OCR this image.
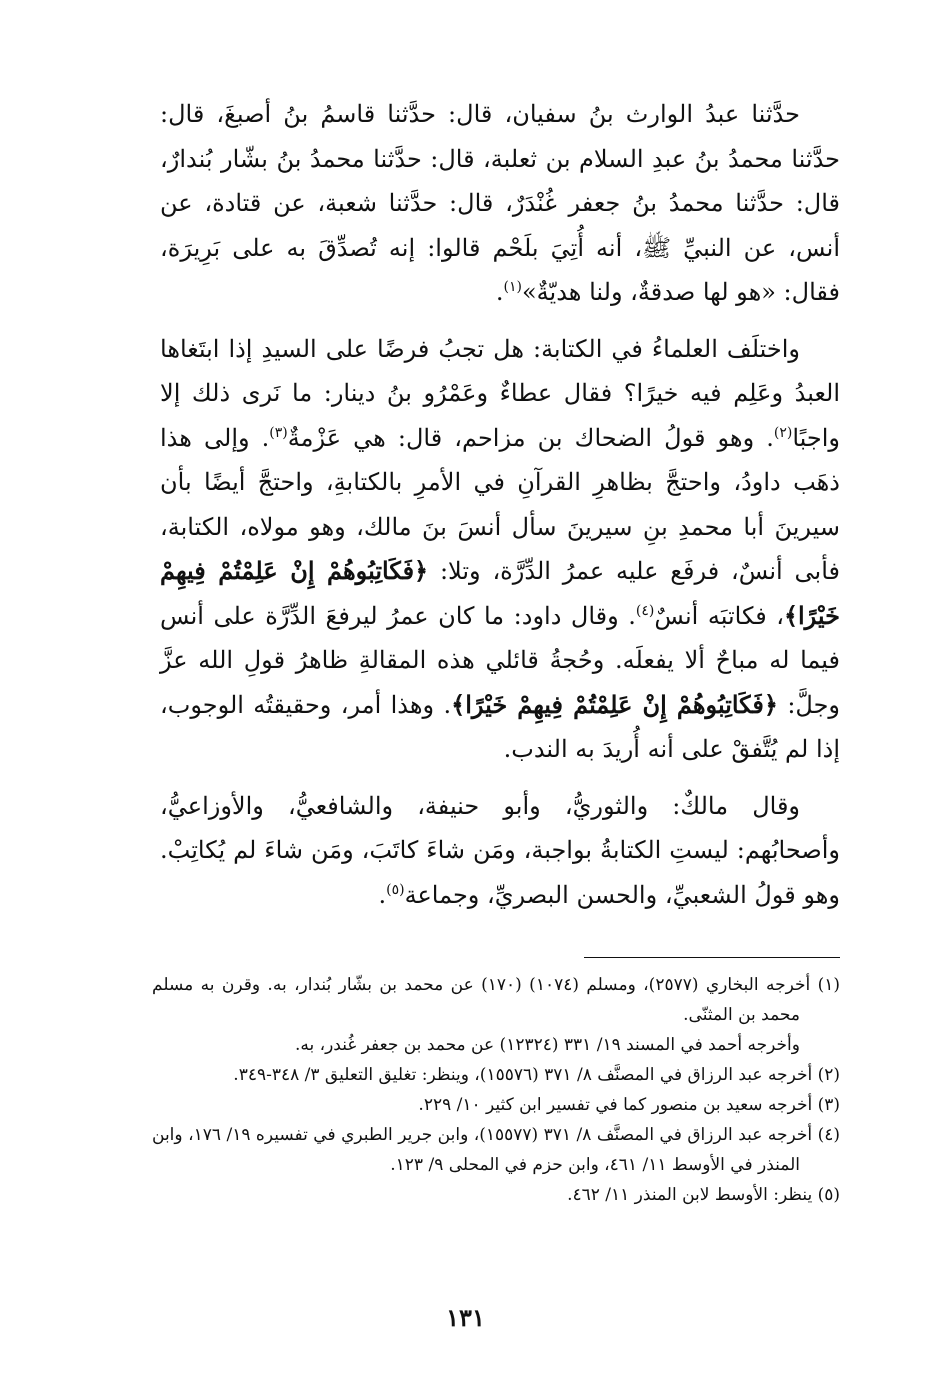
حدَّثنا عبدُ الوارث بنُ سفيان، قال: حدَّثنا قاسمُ بنُ أصبغَ، قال: حدَّثنا محمدُ بنُ عبدِ السلام بن ثعلبة، قال: حدَّثنا محمدُ بنُ بشّار بُندارٌ، قال: حدَّثنا محمدُ بنُ جعفر غُنْدَرٌ، قال: حدَّثنا شعبة، عن قتادة، عن أنس، عن النبيِّ ﷺ، أنه أُتِيَ بلَحْم قالوا: إنه تُصدِّقَ به على بَرِيرَة، فقال: «هو لها صدقةٌ، ولنا هديّةٌ»$^{(١)}$.

واختلَف العلماءُ في الكتابة: هل تجبُ فرضًا على السيدِ إذا ابتَغاها العبدُ وعَلِم فيه خيرًا؟ فقال عطاءٌ وعَمْرُو بنُ دينار: ما نَرى ذلك إلا واجبًا$^{(٢)}$. وهو قولُ الضحاك بن مزاحم، قال: هي عَزْمةٌ$^{(٣)}$. وإلى هذا ذهَب داودُ، واحتجَّ بظاهرِ القرآنِ في الأمرِ بالكتابةِ، واحتجَّ أيضًا بأن سيرينَ أبا محمدِ بنِ سيرينَ سأل أنسَ بنَ مالك، وهو مولاه، الكتابة، فأبى أنسٌ، فرفَع عليه عمرُ الدِّرَّة، وتلا: ﴿فَكَاتِبُوهُمْ إِنْ عَلِمْتُمْ فِيهِمْ خَيْرًا﴾، فكاتبَه أنسٌ$^{(٤)}$. وقال داود: ما كان عمرُ ليرفعَ الدِّرَّة على أنس فيما له مباحٌ ألا يفعلَه. وحُجةُ قائلي هذه المقالةِ ظاهرُ قولِ الله عزَّ وجلَّ: ﴿فَكَاتِبُوهُمْ إِنْ عَلِمْتُمْ فِيهِمْ خَيْرًا﴾. وهذا أمر، وحقيقتُه الوجوب، إذا لم يُتَّفقْ على أنه أُريدَ به الندب.

وقال مالكٌ: والثوريُّ، وأبو حنيفة، والشافعيُّ، والأوزاعيُّ، وأصحابُهم: ليستِ الكتابةُ بواجبة، ومَن شاءَ كاتَبَ، ومَن شاءَ لم يُكاتِبْ. وهو قولُ الشعبيِّ، والحسن البصريِّ، وجماعة$^{(٥)}$.

(١) أخرجه البخاري (٢٥٧٧)، ومسلم (١٠٧٤) (١٧٠) عن محمد بن بشّار بُندار، به. وقرن به مسلم محمد بن المثنّى.

وأخرجه أحمد في المسند ١٩/ ٣٣١ (١٢٣٢٤) عن محمد بن جعفر غُندر، به.

(٢) أخرجه عبد الرزاق في المصنَّف ٨/ ٣٧١ (١٥٥٧٦)، وينظر: تغليق التعليق ٣/ ٣٤٨-٣٤٩.

(٣) أخرجه سعيد بن منصور كما في تفسير ابن كثير ١٠/ ٢٢٩.

(٤) أخرجه عبد الرزاق في المصنَّف ٨/ ٣٧١ (١٥٥٧٧)، وابن جرير الطبري في تفسيره ١٩/ ١٧٦، وابن المنذر في الأوسط ١١/ ٤٦١، وابن حزم في المحلى ٩/ ١٢٣.

(٥) ينظر: الأوسط لابن المنذر ١١/ ٤٦٢.

١٣١
